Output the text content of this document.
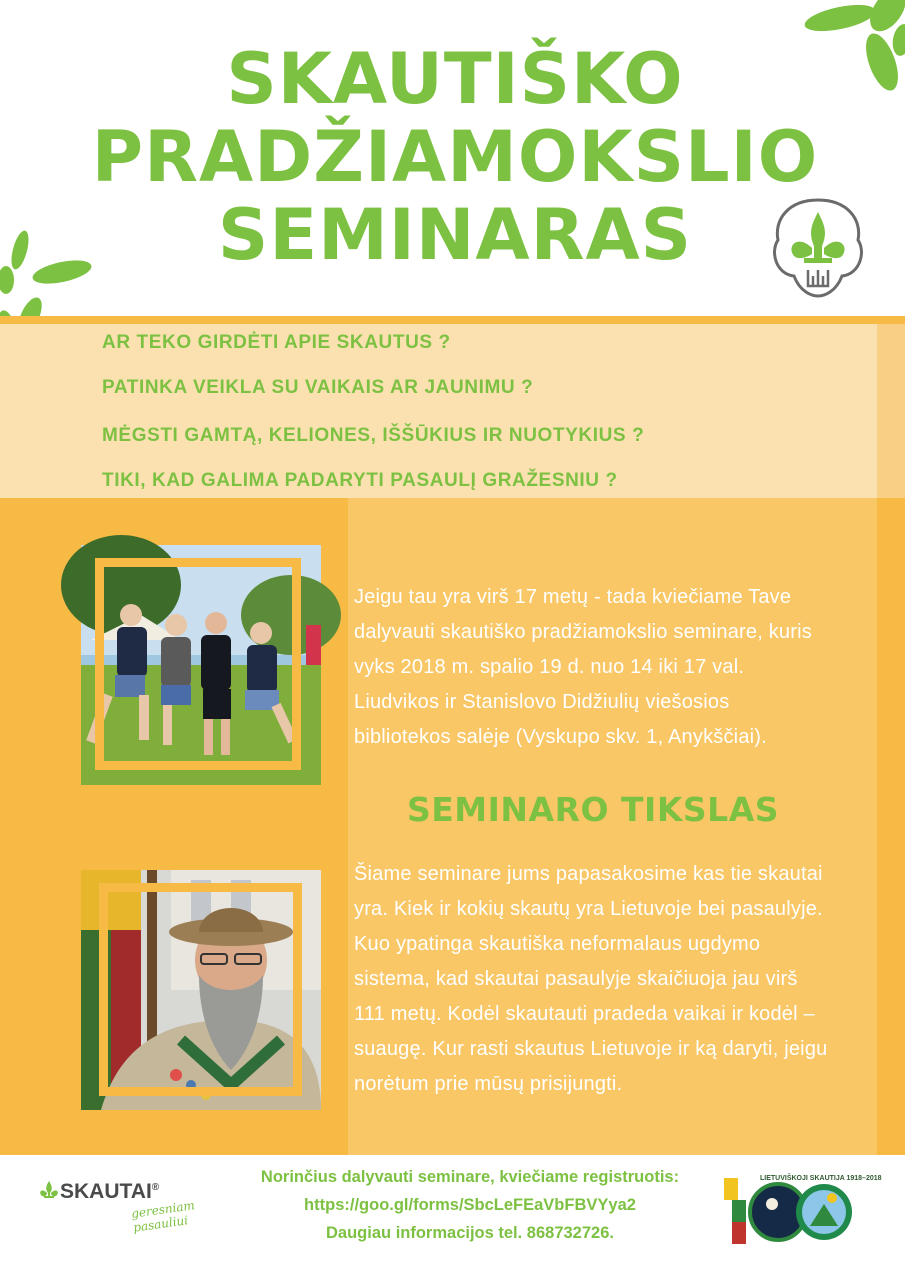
SKAUTIŠKO
PRADŽIAMOKSLIO
SEMINARAS
AR TEKO GIRDĖTI APIE SKAUTUS ?
PATINKA VEIKLA SU VAIKAIS AR JAUNIMU ?
MĖGSTI GAMTĄ, KELIONES, IŠŠŪKIUS IR NUOTYKIUS ?
TIKI, KAD GALIMA PADARYTI PASAULĮ GRAŽESNIU ?
Jeigu tau yra virš 17 metų - tada kviečiame Tave
dalyvauti skautiško pradžiamokslio seminare, kuris
vyks 2018 m. spalio 19 d. nuo 14 iki 17 val.
Liudvikos ir Stanislovo Didžiulių viešosios
bibliotekos salėje (Vyskupo skv. 1, Anykščiai).
SEMINARO TIKSLAS
Šiame seminare jums papasakosime kas tie skautai
yra. Kiek ir kokių skautų yra Lietuvoje bei pasaulyje.
Kuo ypatinga skautiška neformalaus ugdymo
sistema, kad skautai pasaulyje skaičiuoja jau virš
111 metų. Kodėl skautauti pradeda vaikai ir kodėl –
suaugę. Kur rasti skautus Lietuvoje ir ką daryti, jeigu
norėtum prie mūsų prisijungti.
SKAUTAI®
geresniam pasauliui
Norinčius dalyvauti seminare, kviečiame registruotis:
https://goo.gl/forms/SbcLeFEaVbFBVYya2
Daugiau informacijos tel. 868732726.
LIETUVIŠKOJI SKAUTIJA 1918–2018
